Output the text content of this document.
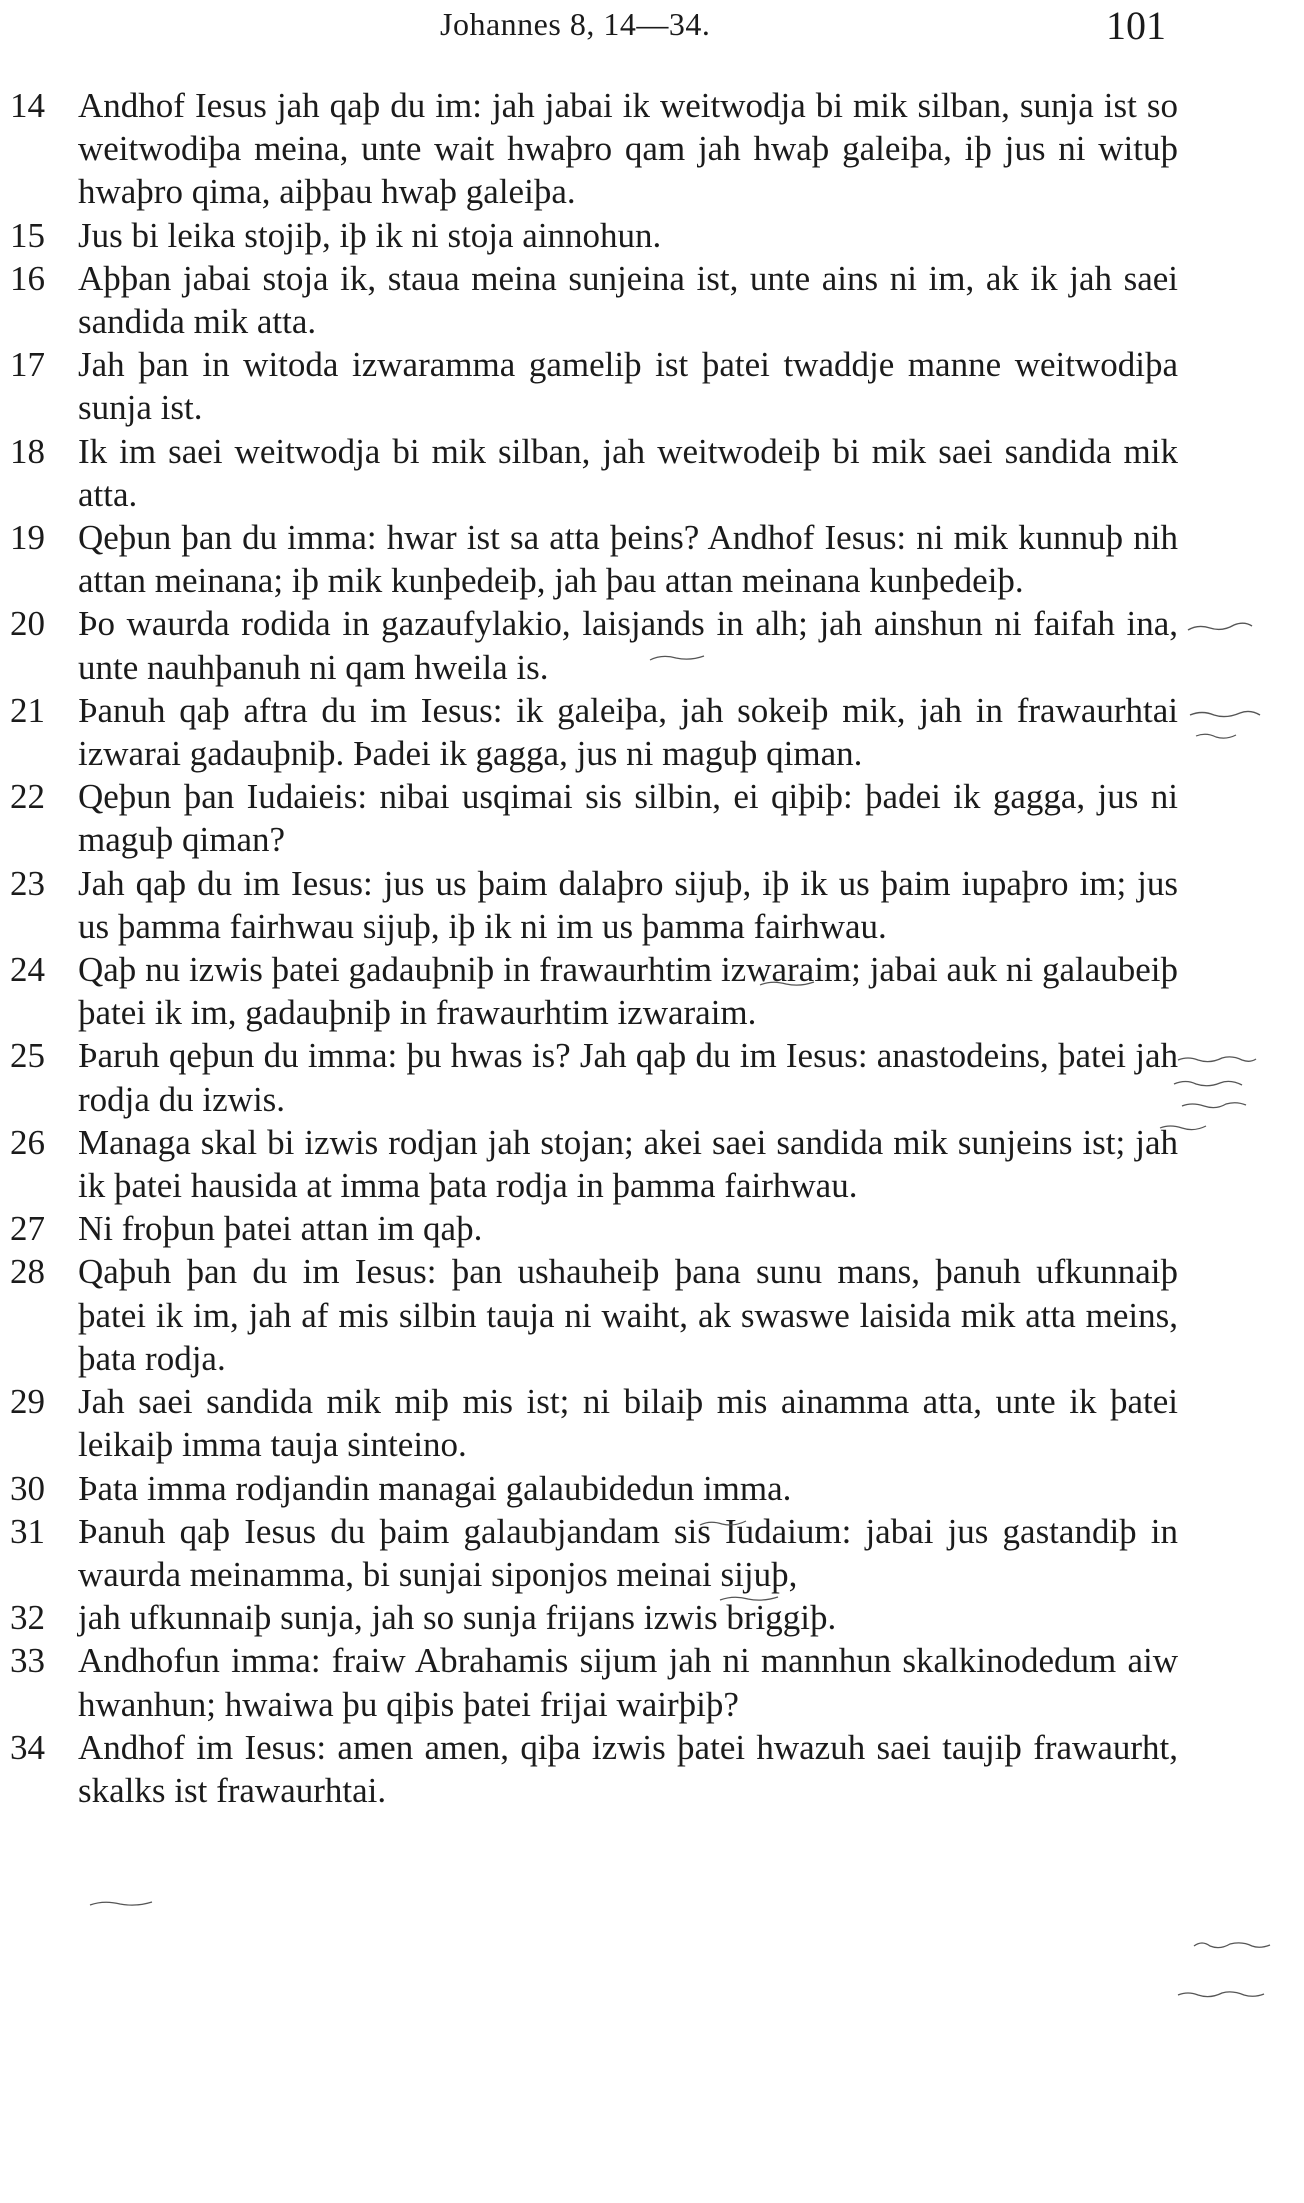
Johannes 8, 14—34.	101
14 Andhof Iesus jah qaþ du im: jah jabai ik weitwodja bi mik silban, sunja ist so weitwodiþa meina, unte wait hwaþro qam jah hwaþ galeiþa, iþ jus ni wituþ hwaþro qima, aiþþau hwaþ galeiþa.
15 Jus bi leika stojiþ, iþ ik ni stoja ainnohun.
16 Aþþan jabai stoja ik, staua meina sunjeina ist, unte ains ni im, ak ik jah saei sandida mik atta.
17 Jah þan in witoda izwaramma gameliþ ist þatei twaddje manne weitwodiþa sunja ist.
18 Ik im saei weitwodja bi mik silban, jah weitwodeiþ bi mik saei sandida mik atta.
19 Qeþun þan du imma: hwar ist sa atta þeins? Andhof Iesus: ni mik kunnuþ nih attan meinana; iþ mik kunþedeiþ, jah þau attan meinana kunþedeiþ.
20 Þo waurda rodida in gazaufylakio, laisjands in alh; jah ainshun ni faifah ina, unte nauhþanuh ni qam hweila is.
21 Þanuh qaþ aftra du im Iesus: ik galeiþa, jah sokeiþ mik, jah in frawaurhtai izwarai gadauþniþ. Þadei ik gagga, jus ni maguþ qiman.
22 Qeþun þan Iudaieis: nibai usqimai sis silbin, ei qiþiþ: þadei ik gagga, jus ni maguþ qiman?
23 Jah qaþ du im Iesus: jus us þaim dalaþro sijuþ, iþ ik us þaim iupaþro im; jus us þamma fairhwau sijuþ, iþ ik ni im us þamma fairhwau.
24 Qaþ nu izwis þatei gadauþniþ in frawaurhtim izwaraim; jabai auk ni galaubeiþ þatei ik im, gadauþniþ in frawaurhtim izwaraim.
25 Þaruh qeþun du imma: þu hwas is? Jah qaþ du im Iesus: anastodeins, þatei jah rodja du izwis.
26 Managa skal bi izwis rodjan jah stojan; akei saei sandida mik sunjeins ist; jah ik þatei hausida at imma þata rodja in þamma fairhwau.
27 Ni froþun þatei attan im qaþ.
28 Qaþuh þan du im Iesus: þan ushauheiþ þana sunu mans, þanuh ufkunnaiþ þatei ik im, jah af mis silbin tauja ni waiht, ak swaswe laisida mik atta meins, þata rodja.
29 Jah saei sandida mik miþ mis ist; ni bilaiþ mis ainamma atta, unte ik þatei leikaiþ imma tauja sinteino.
30 Þata imma rodjandin managai galaubidedun imma.
31 Þanuh qaþ Iesus du þaim galaubjandam sis Iudaium: jabai jus gastandiþ in waurda meinamma, bi sunjai siponjos meinai sijuþ,
32 jah ufkunnaiþ sunja, jah so sunja frijans izwis briggiþ.
33 Andhofun imma: fraiw Abrahamis sijum jah ni mannhun skalkinodedum aiw hwanhun; hwaiwa þu qiþis þatei frijai wairþiþ?
34 Andhof im Iesus: amen amen, qiþa izwis þatei hwazuh saei taujiþ frawaurht, skalks ist frawaurhtai.
